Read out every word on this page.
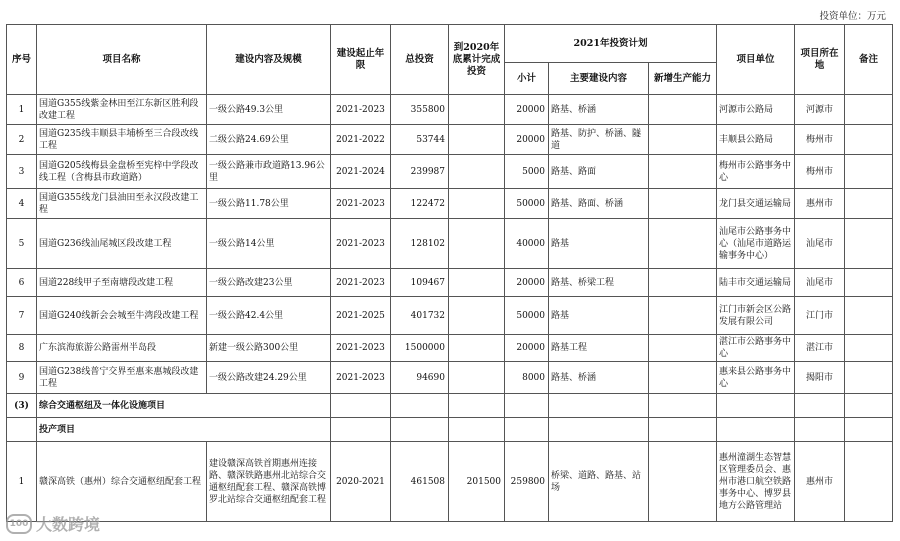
投资单位：万元
序号	项目名称	建设内容及规模	建设起止年限	总投资	到2020年底累计完成投资	2021年投资计划			项目单位	项目所在地	备注
						小计	主要建设内容	新增生产能力			
1	国道G355线紫金林田至江东新区胜利段改建工程	一级公路49.3公里	2021-2023	355800		20000	路基、桥涵		河源市公路局	河源市	
2	国道G235线丰顺县丰埔桥至三合段改线工程	二级公路24.69公里	2021-2022	53744		20000	路基、防护、桥涵、隧道		丰顺县公路局	梅州市	
3	国道G205线梅县金盘桥至宪梓中学段改线工程（含梅县市政道路）	一级公路兼市政道路13.96公里	2021-2024	239987		5000	路基、路面		梅州市公路事务中心	梅州市	
4	国道G355线龙门县油田至永汉段改建工程	一级公路11.78公里	2021-2023	122472		50000	路基、路面、桥涵		龙门县交通运输局	惠州市	
5	国道G236线汕尾城区段改建工程	一级公路14公里	2021-2023	128102		40000	路基		汕尾市公路事务中心（汕尾市道路运输事务中心）	汕尾市	
6	国道228线甲子至南塘段改建工程	一级公路改建23公里	2021-2023	109467		20000	路基、桥梁工程		陆丰市交通运输局	汕尾市	
7	国道G240线新会会城至牛湾段改建工程	一级公路42.4公里	2021-2025	401732		50000	路基		江门市新会区公路发展有限公司	江门市	
8	广东滨海旅游公路雷州半岛段	新建一级公路300公里	2021-2023	1500000		20000	路基工程		湛江市公路事务中心	湛江市	
9	国道G238线普宁交界至惠来惠城段改建工程	一级公路改建24.29公里	2021-2023	94690		8000	路基、桥涵		惠来县公路事务中心	揭阳市	
(3)	综合交通枢纽及一体化设施项目										
	投产项目										
1	赣深高铁（惠州）综合交通枢纽配套工程	建设赣深高铁首期惠州连接路、赣深铁路惠州北站综合交通枢纽配套工程、赣深高铁博罗北站综合交通枢纽配套工程	2020-2021	461508	201500	259800	桥梁、道路、路基、站场		惠州潼湖生态智慧区管理委员会、惠州市港口航空铁路事务中心、博罗县地方公路管理站	惠州市	
100 大数跨境
